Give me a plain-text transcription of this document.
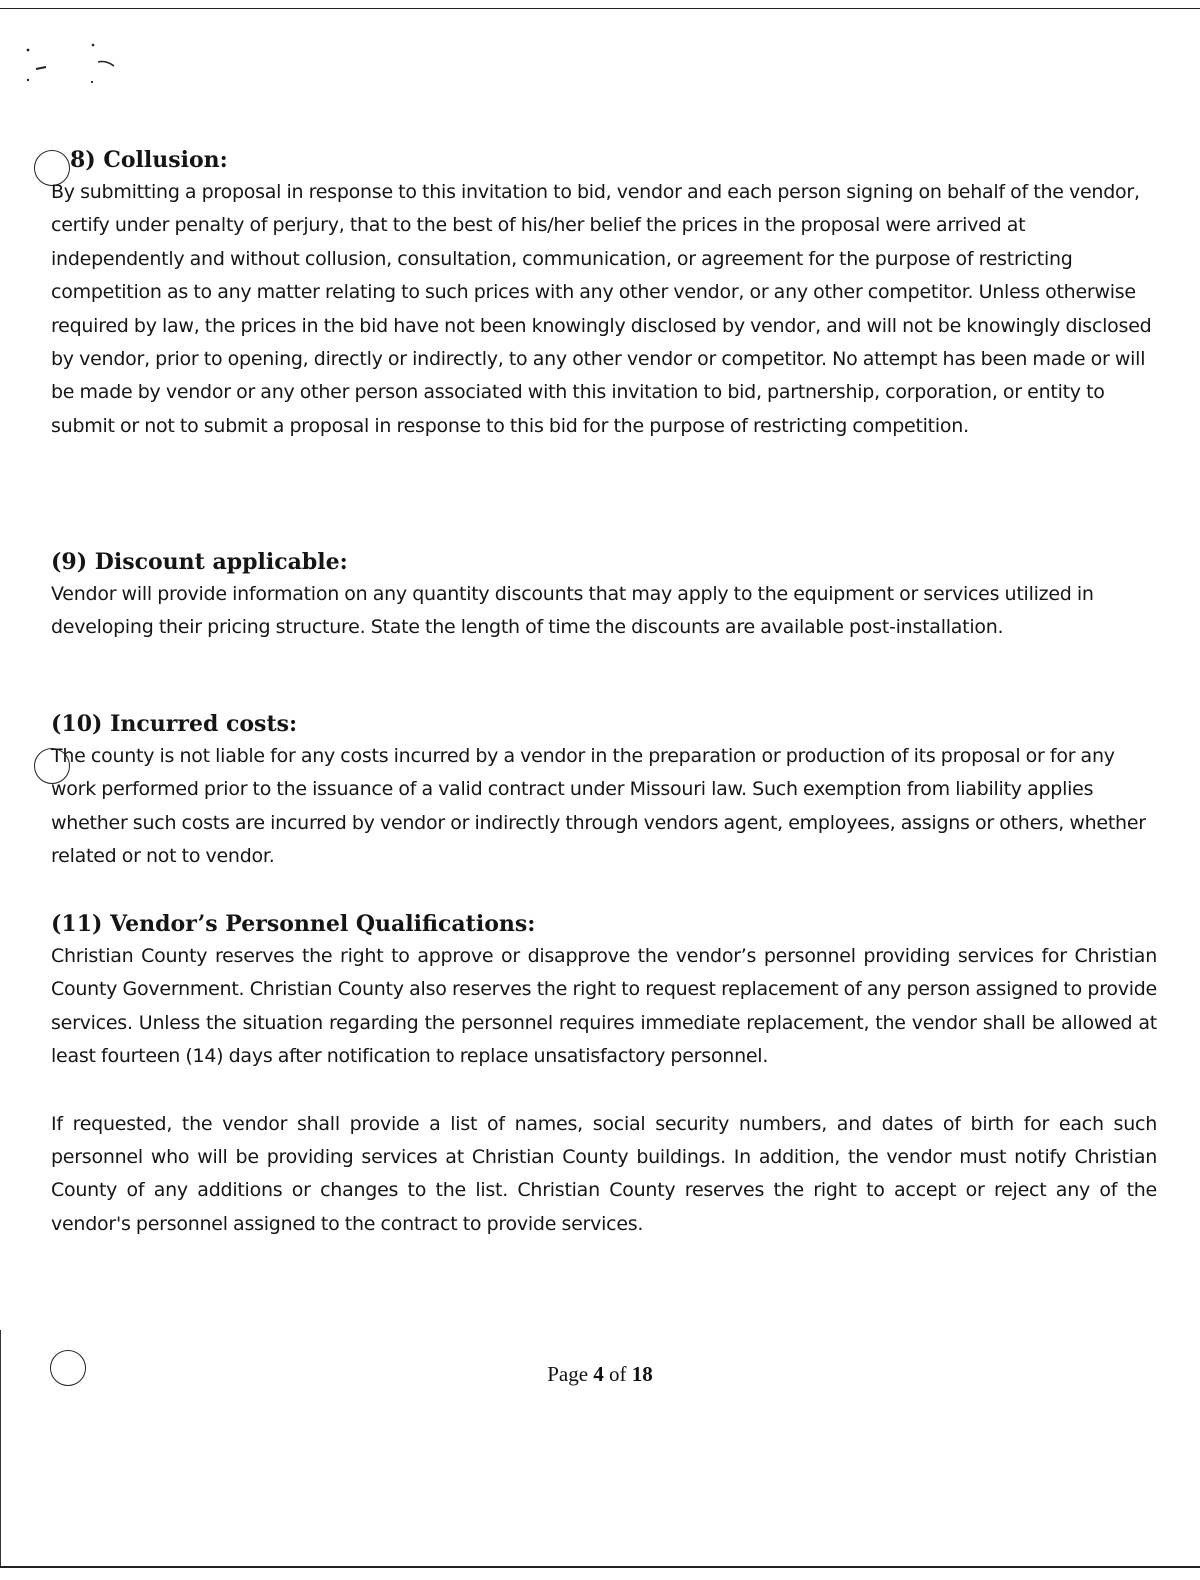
8) Collusion:

By submitting a proposal in response to this invitation to bid, vendor and each person signing on behalf of the vendor, certify under penalty of perjury, that to the best of his/her belief the prices in the proposal were arrived at independently and without collusion, consultation, communication, or agreement for the purpose of restricting competition as to any matter relating to such prices with any other vendor, or any other competitor. Unless otherwise required by law, the prices in the bid have not been knowingly disclosed by vendor, and will not be knowingly disclosed by vendor, prior to opening, directly or indirectly, to any other vendor or competitor. No attempt has been made or will be made by vendor or any other person associated with this invitation to bid, partnership, corporation, or entity to submit or not to submit a proposal in response to this bid for the purpose of restricting competition.

(9) Discount applicable:

Vendor will provide information on any quantity discounts that may apply to the equipment or services utilized in developing their pricing structure. State the length of time the discounts are available post-installation.

(10) Incurred costs:

The county is not liable for any costs incurred by a vendor in the preparation or production of its proposal or for any work performed prior to the issuance of a valid contract under Missouri law. Such exemption from liability applies whether such costs are incurred by vendor or indirectly through vendors agent, employees, assigns or others, whether related or not to vendor.

(11) Vendor’s Personnel Qualifications:

Christian County reserves the right to approve or disapprove the vendor’s personnel providing services for Christian County Government. Christian County also reserves the right to request replacement of any person assigned to provide services. Unless the situation regarding the personnel requires immediate replacement, the vendor shall be allowed at least fourteen (14) days after notification to replace unsatisfactory personnel.

If requested, the vendor shall provide a list of names, social security numbers, and dates of birth for each such personnel who will be providing services at Christian County buildings. In addition, the vendor must notify Christian County of any additions or changes to the list. Christian County reserves the right to accept or reject any of the vendor's personnel assigned to the contract to provide services.

Page 4 of 18
